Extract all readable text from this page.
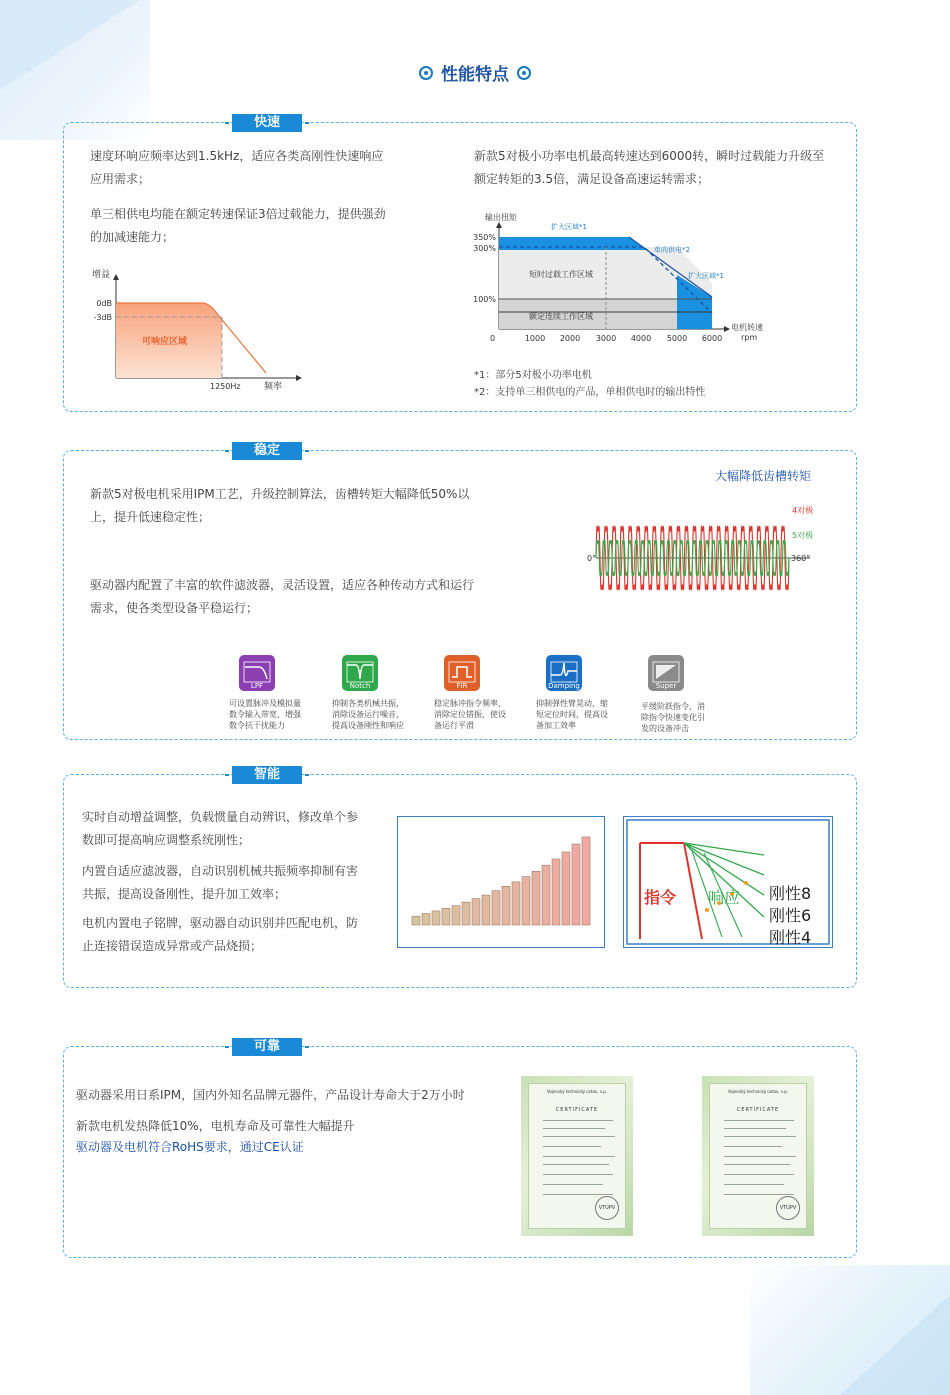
性能特点
快速
速度环响应频率达到1.5kHz，适应各类高刚性快速响应
应用需求；
单三相供电均能在额定转速保证3倍过载能力，提供强劲
的加减速能力；
增益
0dB
-3dB
可响应区域
1250Hz	频率
新款5对极小功率电机最高转速达到6000转，瞬时过载能力升级至
额定转矩的3.5倍，满足设备高速运转需求；
输出扭矩
350%
300%
100%
0	1000 2000 3000 4000 5000 6000
电机转速
rpm
扩大区域*1
单向供电*2
扩大区域*1
短时过载工作区域
额定连续工作区域
*1：部分5对极小功率电机
*2：支持单三相供电的产品，单相供电时的输出特性
稳定
新款5对极电机采用IPM工艺，升级控制算法，齿槽转矩大幅降低50%以
上，提升低速稳定性；
驱动器内配置了丰富的软件滤波器，灵活设置，适应各种传动方式和运行
需求，使各类型设备平稳运行；
大幅降低齿槽转矩
4对极
5对极
0°	360°
LPF
可设置脉冲及模拟量
数令输入带宽，增强
数令抗干扰能力
Notch
抑制各类机械共振，
消除设备运行噪音，
提高设备刚性和响应
FIR
稳定脉冲指令频率，
消除定位错振，使设
备运行平滑
Damping
抑制弹性臂晃动，缩
短定位时间，提高设
备加工效率
Super
平缓阶跃指令，消
除指令快速变化引
发的设备冲击
智能
实时自动增益调整，负载惯量自动辨识，修改单个参
数即可提高响应调整系统刚性；
内置自适应滤波器，自动识别机械共振频率抑制有害
共振，提高设备刚性，提升加工效率；
电机内置电子铭牌，驱动器自动识别并匹配电机，防
止连接错误造成异常或产品烧损；
指令 响应 刚性8
刚性6
刚性4
可靠
驱动器采用日系IPM，国内外知名品牌元器件，产品设计寿命大于2万小时
新款电机发热降低10%，电机寿命及可靠性大幅提升
驱动器及电机符合RoHS要求，通过CE认证
Vojenský technický ústav, s.p.
CERTIFICATE
VTÚPV
Vojenský technický ústav, s.p.
CERTIFICATE
VTÚPV
